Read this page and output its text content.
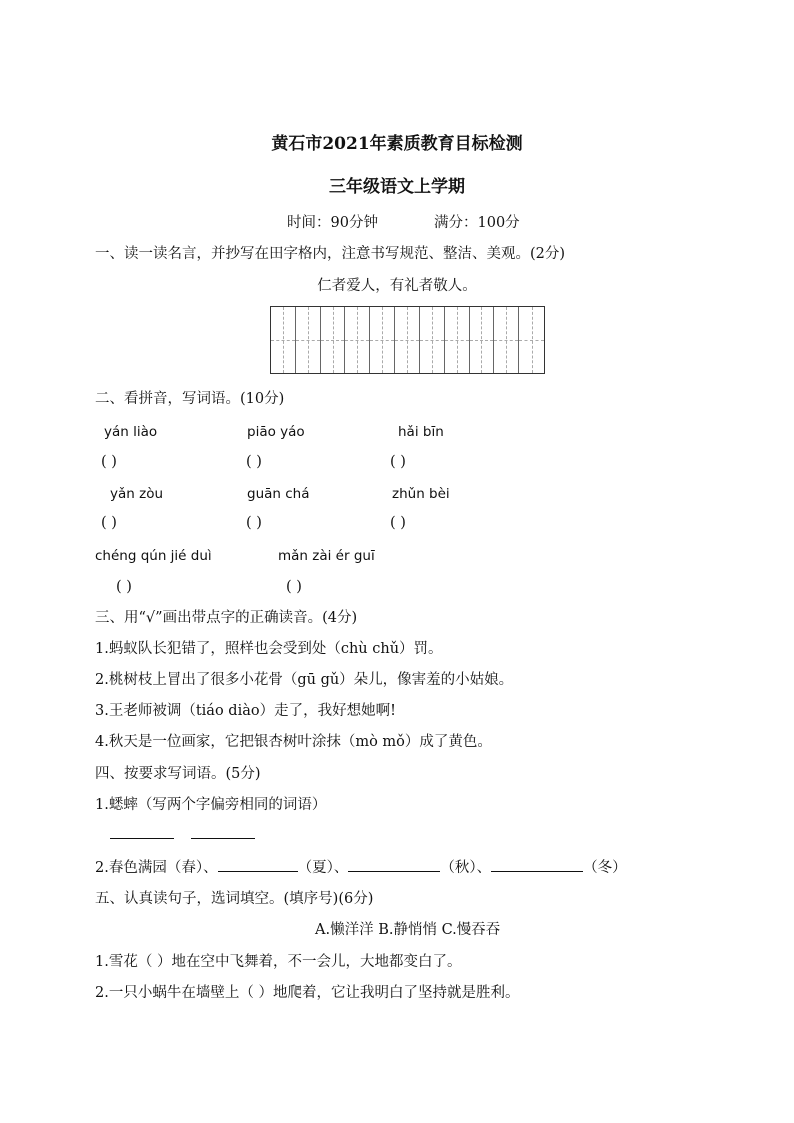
黄石市2021年素质教育目标检测
三年级语文上学期
时间：90分钟	满分：100分
一、读一读名言，并抄写在田字格内，注意书写规范、整洁、美观。(2分)
仁者爱人，有礼者敬人。
二、看拼音，写词语。(10分)
yán liào	piāo yáo	hǎi bīn
( )	( )	( )
yǎn zòu	guān chá	zhǔn bèi
( )	( )	( )
chéng qún jié duì	mǎn zài ér guī
( )	( )
三、用“√”画出带点字的正确读音。(4分)
1.蚂蚁队长犯错了，照样也会受到处（chù chǔ）罚。
2.桃树枝上冒出了很多小花骨（gū gǔ）朵儿，像害羞的小姑娘。
3.王老师被调（tiáo diào）走了，我好想她啊!
4.秋天是一位画家，它把银杏树叶涂抹（mò mǒ）成了黄色。
四、按要求写词语。(5分)
1.蟋蟀（写两个字偏旁相同的词语）
2.春色满园（春）、	（夏）、	（秋）、	（冬）
五、认真读句子，选词填空。(填序号)(6分)
A.懒洋洋 B.静悄悄 C.慢吞吞
1.雪花（ ）地在空中飞舞着，不一会儿，大地都变白了。
2.一只小蜗牛在墙壁上（ ）地爬着，它让我明白了坚持就是胜利。
